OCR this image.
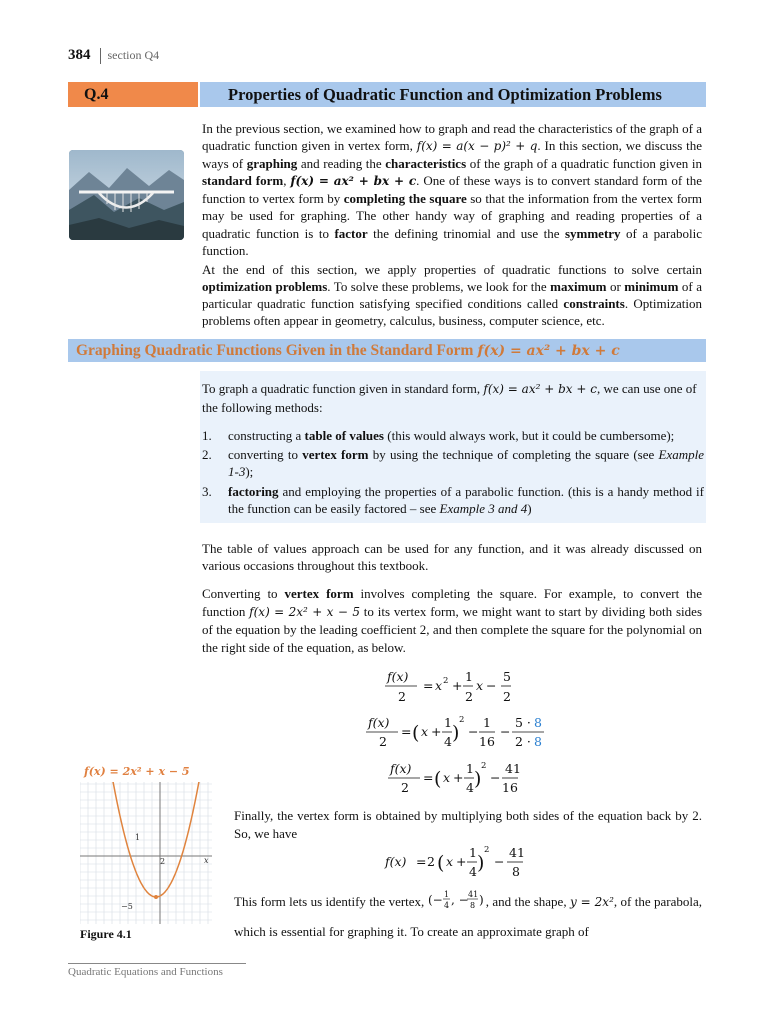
384 section Q4
Q.4	Properties of Quadratic Function and Optimization Problems
In the previous section, we examined how to graph and read the characteristics of the graph of a quadratic function given in vertex form, f(x) = a(x − p)² + q. In this section, we discuss the ways of graphing and reading the characteristics of the graph of a quadratic function given in standard form, f(x) = ax² + bx + c. One of these ways is to convert standard form of the function to vertex form by completing the square so that the information from the vertex form may be used for graphing. The other handy way of graphing and reading properties of a quadratic function is to factor the defining trinomial and use the symmetry of a parabolic function.
At the end of this section, we apply properties of quadratic functions to solve certain optimization problems. To solve these problems, we look for the maximum or minimum of a particular quadratic function satisfying specified conditions called constraints. Optimization problems often appear in geometry, calculus, business, computer science, etc.
Graphing Quadratic Functions Given in the Standard Form f(x) = ax² + bx + c
To graph a quadratic function given in standard form, f(x) = ax² + bx + c, we can use one of the following methods:
1. constructing a table of values (this would always work, but it could be cumbersome);
2. converting to vertex form by using the technique of completing the square (see Example 1-3);
3. factoring and employing the properties of a parabolic function. (this is a handy method if the function can be easily factored – see Example 3 and 4)
The table of values approach can be used for any function, and it was already discussed on various occasions throughout this textbook.
Converting to vertex form involves completing the square. For example, to convert the function f(x) = 2x² + x − 5 to its vertex form, we might want to start by dividing both sides of the equation by the leading coefficient 2, and then complete the square for the polynomial on the right side of the equation, as below.
f(x)
2
= x 2 +
1
2
x −
5
2
f(x)
2
= ( x +
1
4 )
2
−
1
16
−
5 · 8
2 · 8
f(x)
2
= ( x +
1
4 )
2
−
41
16
f(x) = 2x² + x − 5
1
2	x
−5
Figure 4.1
Finally, the vertex form is obtained by multiplying both sides of the equation back by 2. So, we have
f(x) = 2 ( x +
1
4 )
2
−
41
8
This form lets us identify the vertex, (− 1
4 , − 41
8 ) , and the shape, y = 2x², of the parabola, which is essential for graphing it. To create an approximate graph of
Quadratic Equations and Functions
